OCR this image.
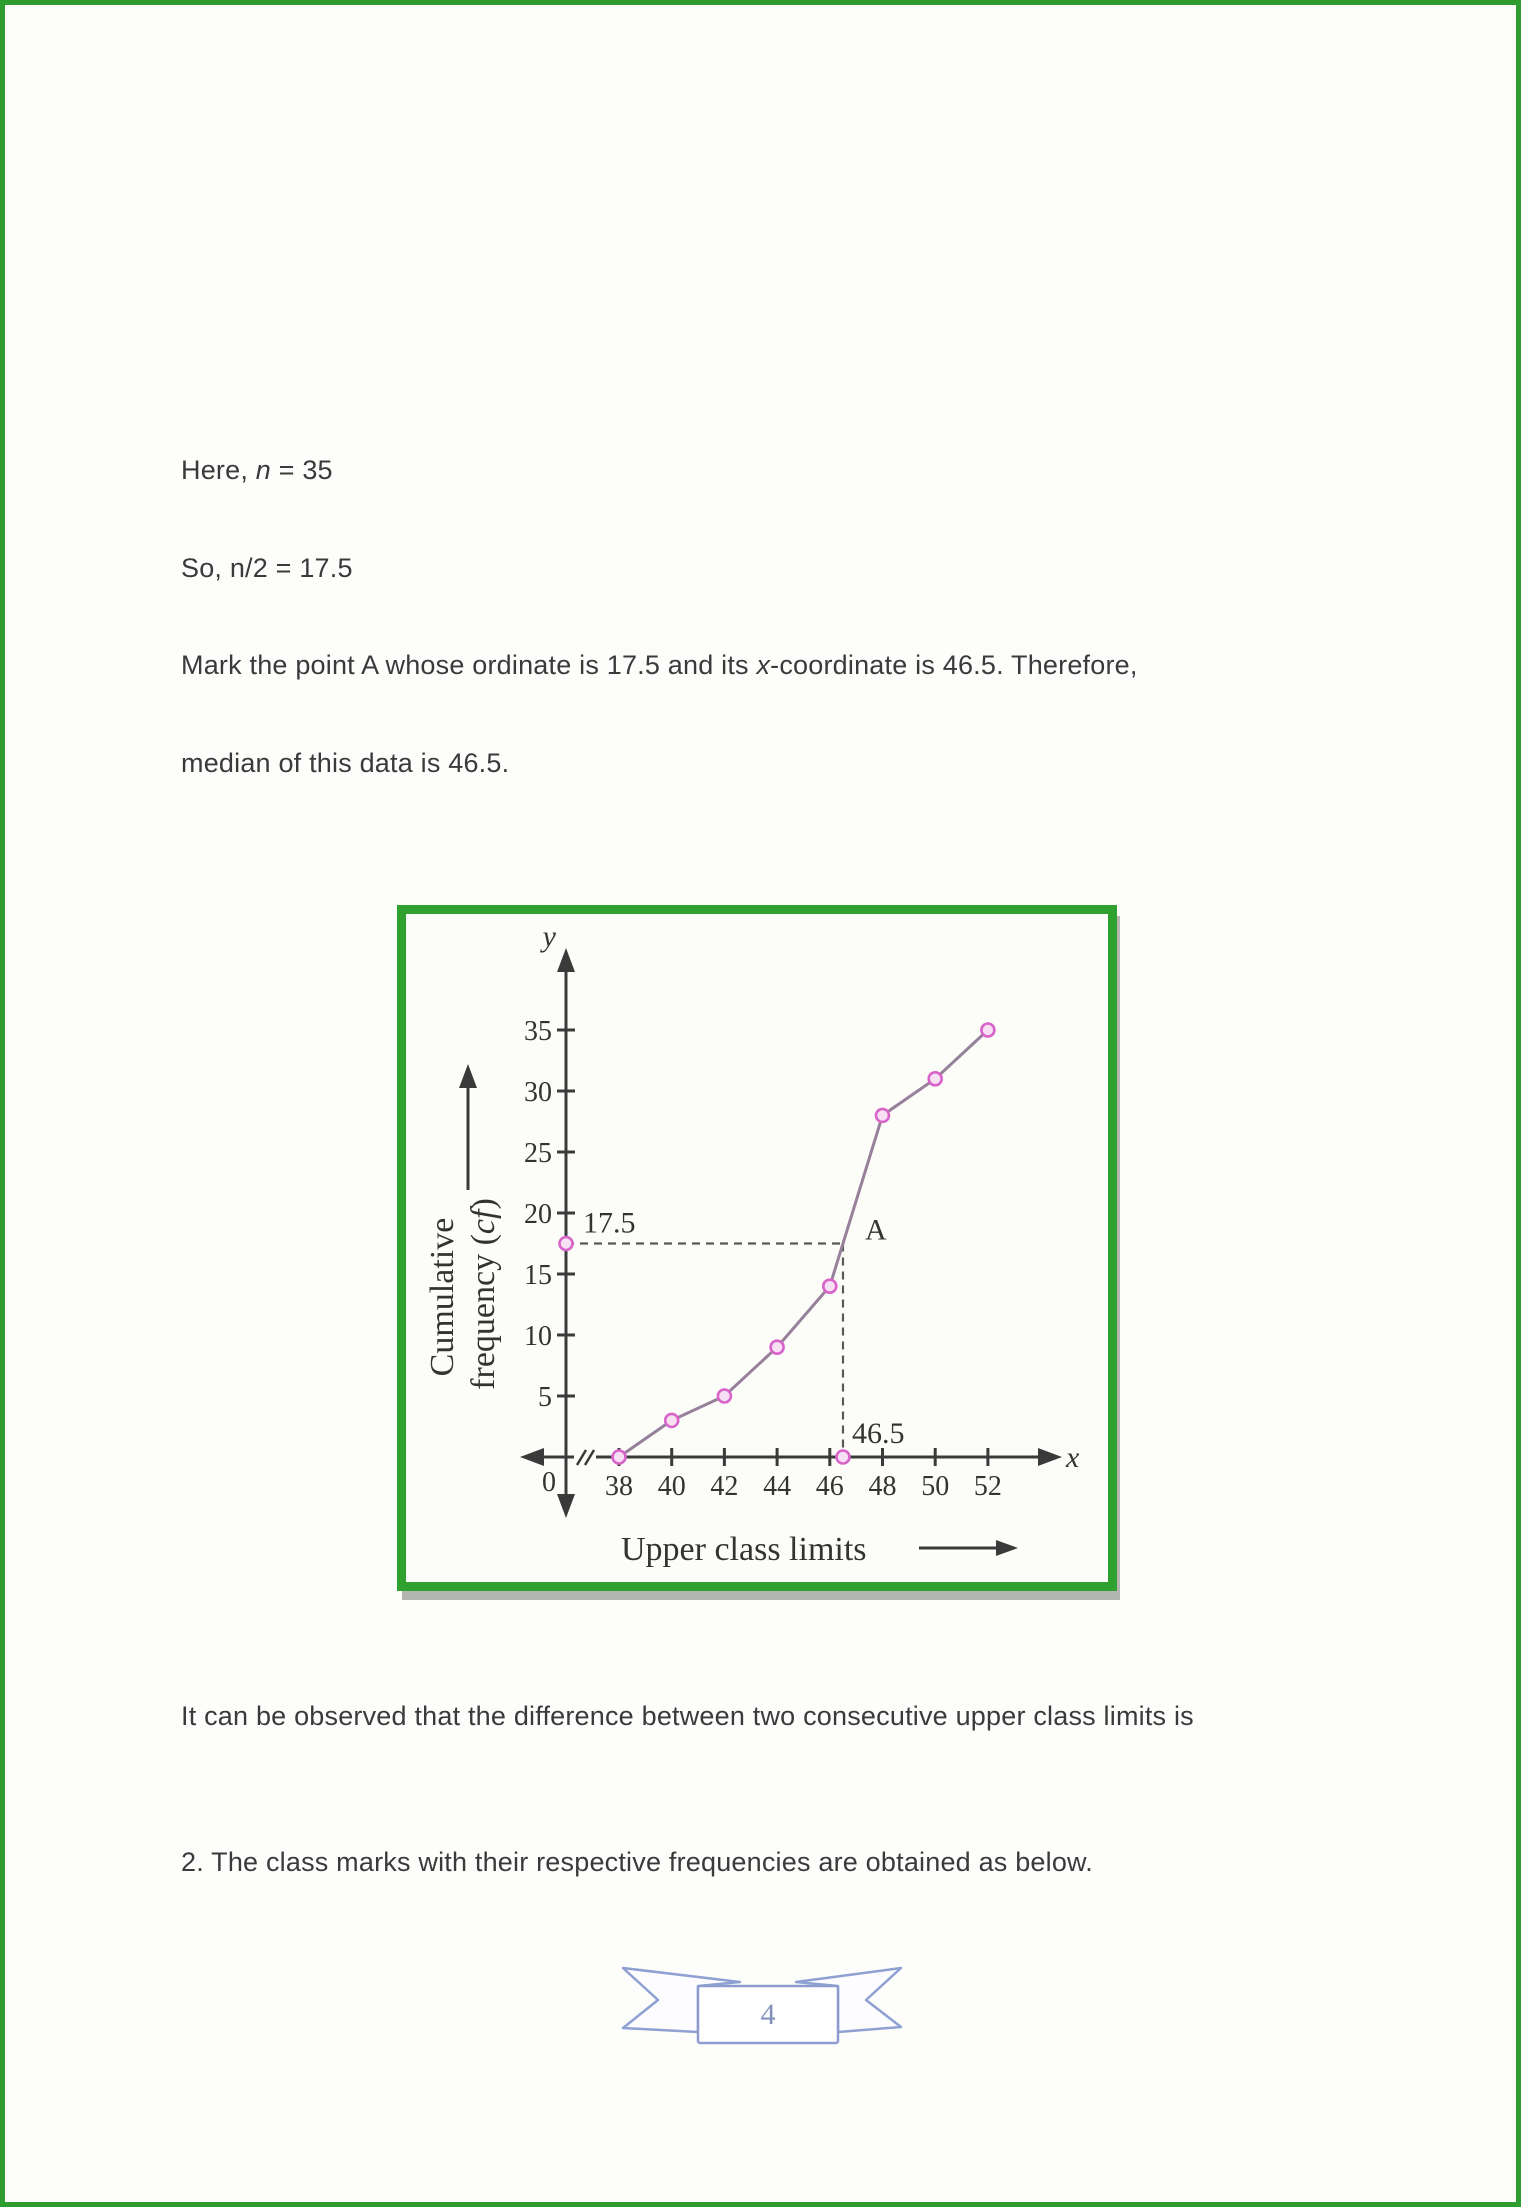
Here, n = 35

So, n/2 = 17.5

Mark the point A whose ordinate is 17.5 and its x-coordinate is 46.5. Therefore,

median of this data is 46.5.

y
x
0
Cumulative frequency (cf)
Upper class limits
5
10
15
20
25
30
35
38 40 42 44 46 48 50 52
17.5	A
46.5

It can be observed that the difference between two consecutive upper class limits is

2. The class marks with their respective frequencies are obtained as below.

4
